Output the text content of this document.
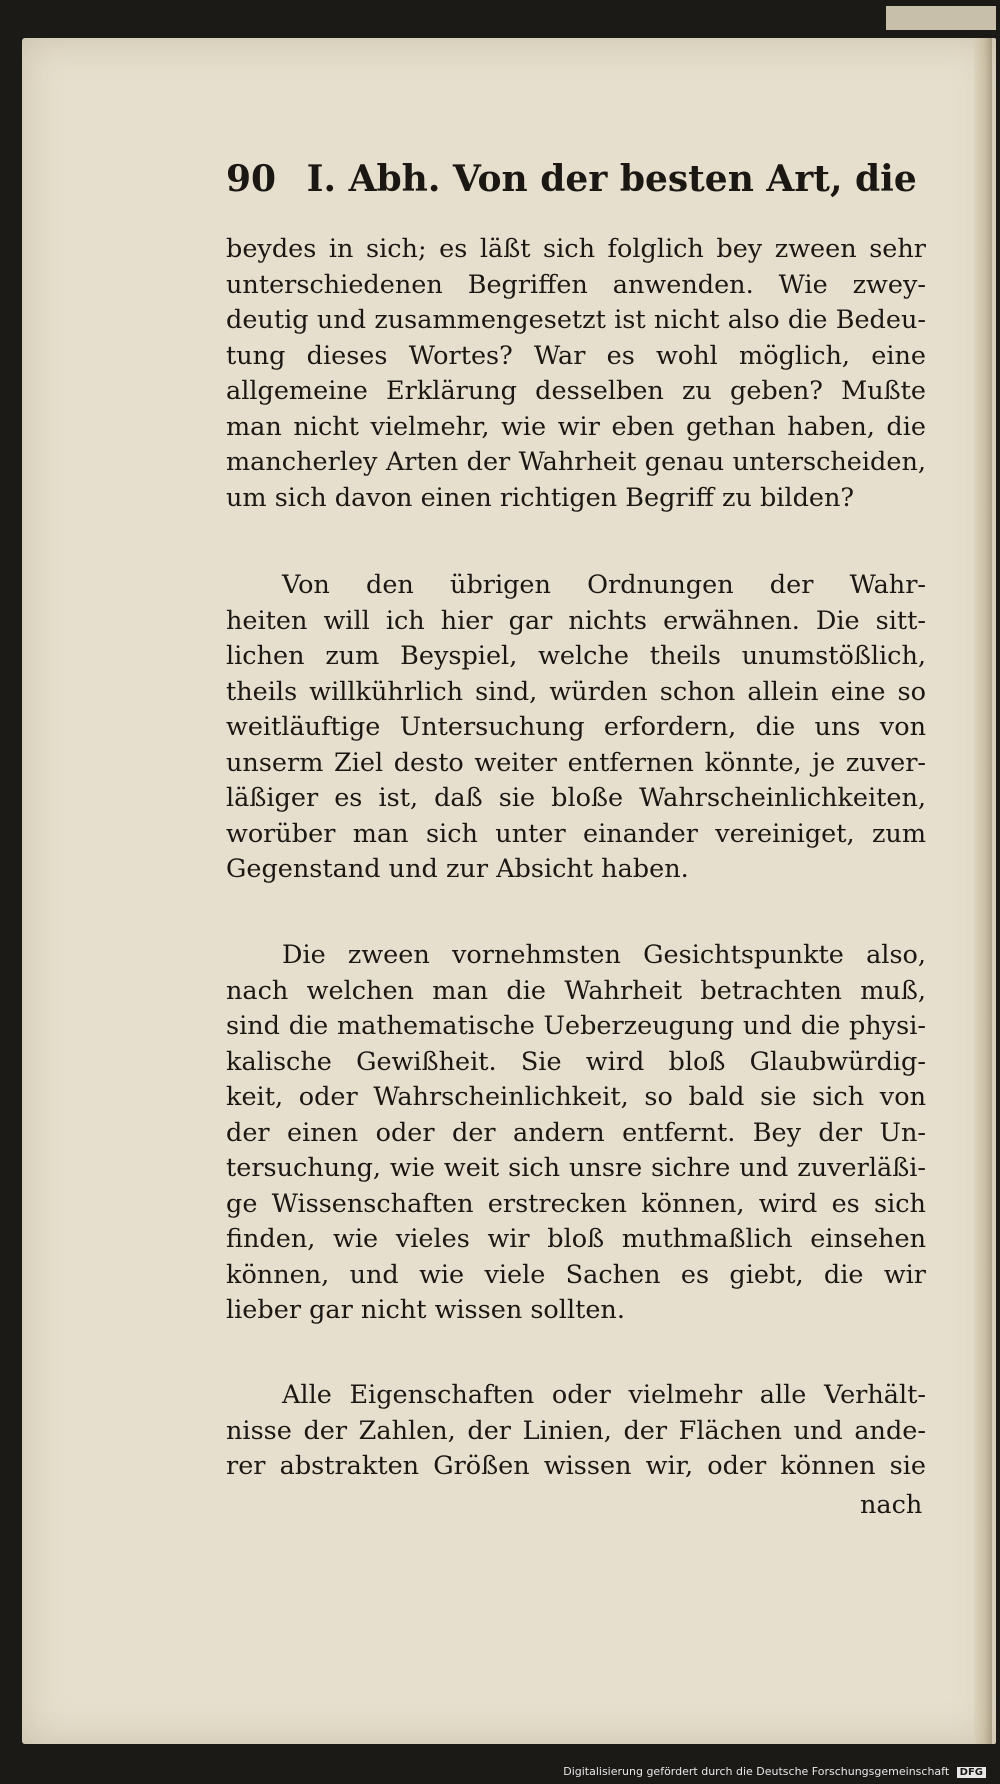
90 I. Abh. Von der besten Art, die
beydes in sich; es läßt sich folglich bey zween sehr
unterschiedenen Begriffen anwenden. Wie zwey-
deutig und zusammengesetzt ist nicht also die Bedeu-
tung dieses Wortes? War es wohl möglich, eine
allgemeine Erklärung desselben zu geben? Mußte
man nicht vielmehr, wie wir eben gethan haben, die
mancherley Arten der Wahrheit genau unterscheiden,
um sich davon einen richtigen Begriff zu bilden?
Von den übrigen Ordnungen der Wahr-
heiten will ich hier gar nichts erwähnen. Die sitt-
lichen zum Beyspiel, welche theils unumstößlich,
theils willkührlich sind, würden schon allein eine so
weitläuftige Untersuchung erfordern, die uns von
unserm Ziel desto weiter entfernen könnte, je zuver-
läßiger es ist, daß sie bloße Wahrscheinlichkeiten,
worüber man sich unter einander vereiniget, zum
Gegenstand und zur Absicht haben.
Die zween vornehmsten Gesichtspunkte also,
nach welchen man die Wahrheit betrachten muß,
sind die mathematische Ueberzeugung und die physi-
kalische Gewißheit. Sie wird bloß Glaubwürdig-
keit, oder Wahrscheinlichkeit, so bald sie sich von
der einen oder der andern entfernt. Bey der Un-
tersuchung, wie weit sich unsre sichre und zuverläßi-
ge Wissenschaften erstrecken können, wird es sich
finden, wie vieles wir bloß muthmaßlich einsehen
können, und wie viele Sachen es giebt, die wir
lieber gar nicht wissen sollten.
Alle Eigenschaften oder vielmehr alle Verhält-
nisse der Zahlen, der Linien, der Flächen und ande-
rer abstrakten Größen wissen wir, oder können sie
nach
Digitalisierung gefördert durch die Deutsche Forschungsgemeinschaft DFG
